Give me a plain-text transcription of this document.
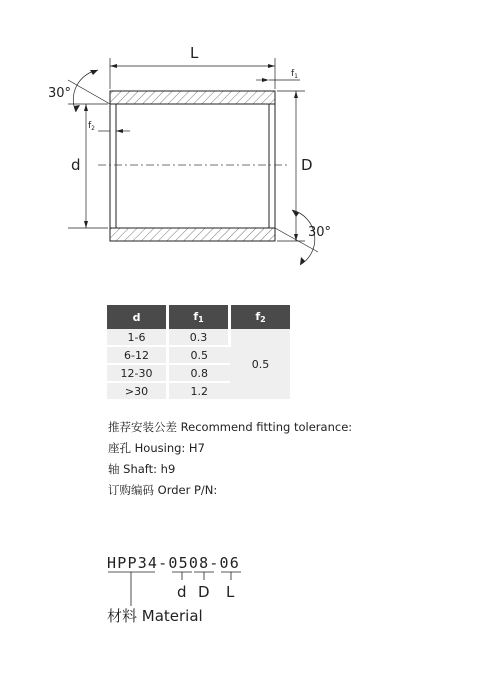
L
$f_1$
D
d
$f_2$
30°
30°
d	$f_1$	$f_2$
1-6	0.3	0.5
6-12	0.5	
12-30	0.8	
>30	1.2	
推荐安装公差 Recommend fitting tolerance:
座孔 Housing: H7
轴 Shaft: h9
订购编码 Order P/N:
HPP34-0508-06
d D L
材料 Material
